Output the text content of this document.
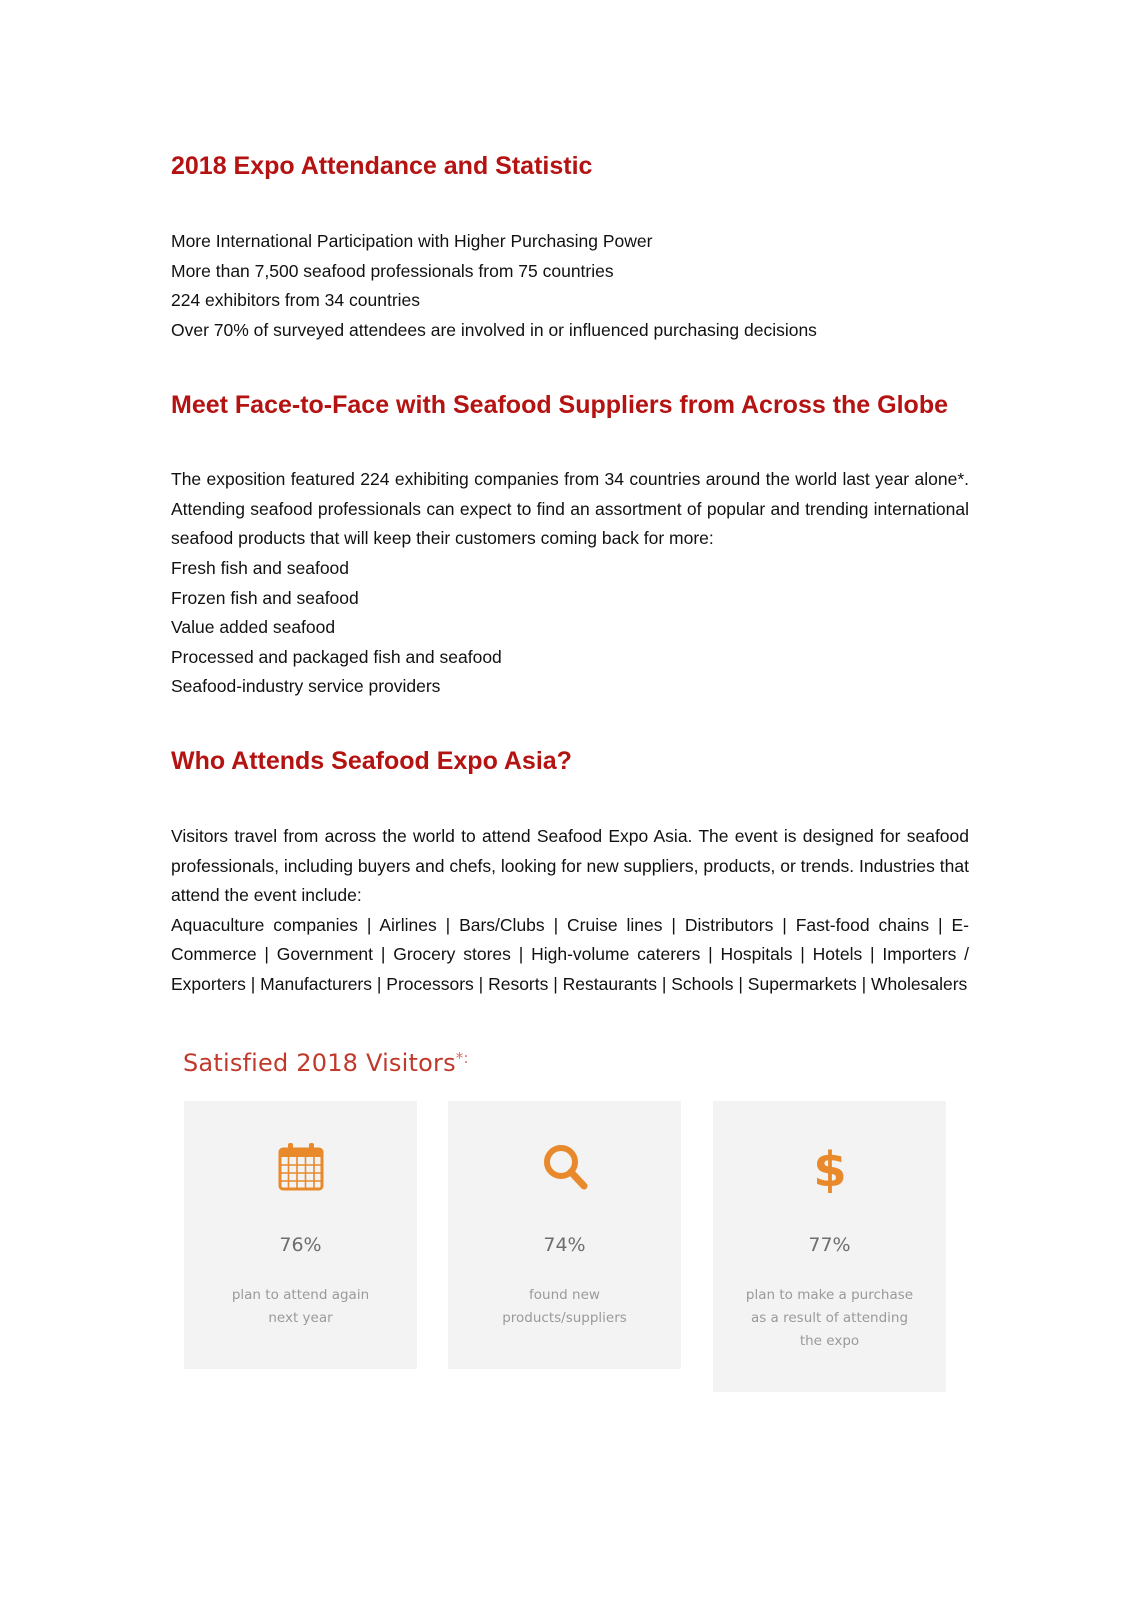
2018 Expo Attendance and Statistic
More International Participation with Higher Purchasing Power
More than 7,500 seafood professionals from 75 countries
224 exhibitors from 34 countries
Over 70% of surveyed attendees are involved in or influenced purchasing decisions
Meet Face-to-Face with Seafood Suppliers from Across the Globe

The exposition featured 224 exhibiting companies from 34 countries around the world last year alone*. Attending seafood professionals can expect to find an assortment of popular and trending international seafood products that will keep their customers coming back for more:

Fresh fish and seafood
Frozen fish and seafood
Value added seafood
Processed and packaged fish and seafood
Seafood-industry service providers
Who Attends Seafood Expo Asia?
Visitors travel from across the world to attend Seafood Expo Asia. The event is designed for seafood professionals, including buyers and chefs, looking for new suppliers, products, or trends. Industries that attend the event include:
Aquaculture companies | Airlines | Bars/Clubs | Cruise lines | Distributors | Fast-food chains | E-Commerce | Government | Grocery stores | High-volume caterers | Hospitals | Hotels | Importers / Exporters | Manufacturers | Processors | Resorts | Restaurants | Schools | Supermarkets | Wholesalers
Satisfied 2018 Visitors*:
76%
plan to attend again
next year
74%
found new
products/suppliers
$
77%
plan to make a purchase
as a result of attending
the expo
